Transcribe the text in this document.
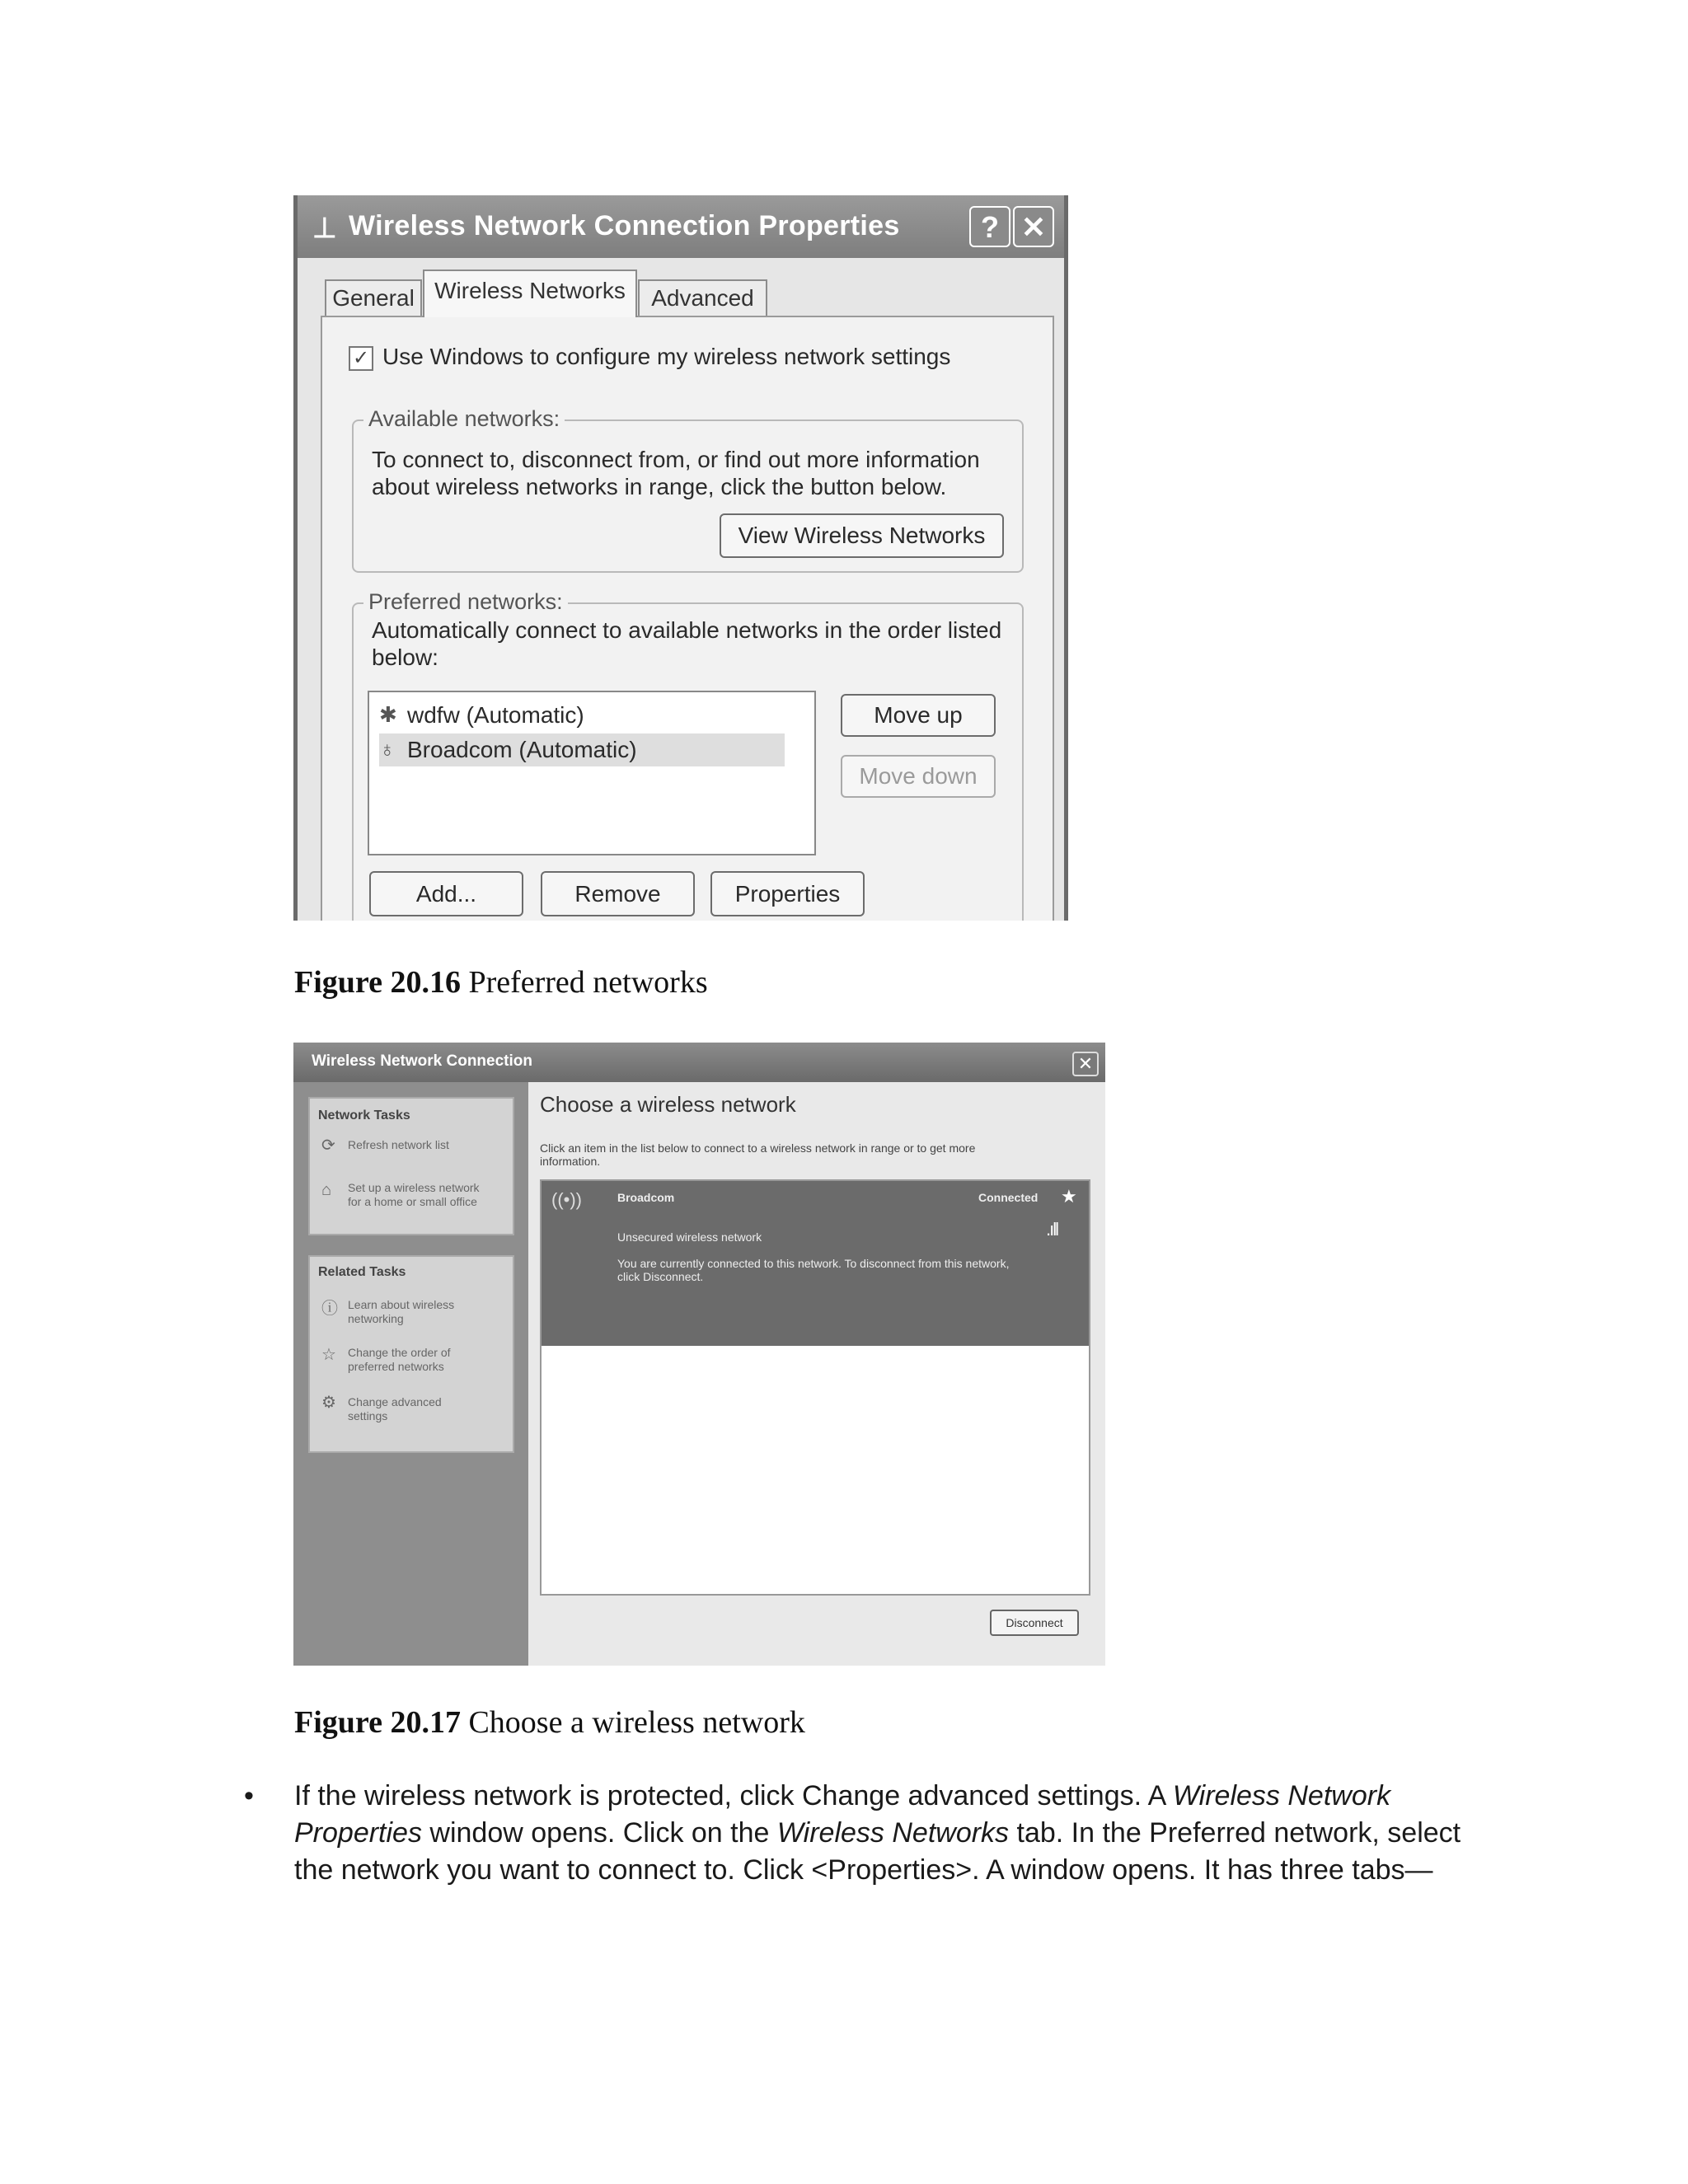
⊥ Wireless Network Connection Properties	? ✕
General Wireless Networks	Advanced
✓ Use Windows to configure my wireless network settings
Available networks:
To connect to, disconnect from, or find out more information
about wireless networks in range, click the button below.
View Wireless Networks
Preferred networks:
Automatically connect to available networks in the order listed
below:
✱ wdfw (Automatic)
♁ Broadcom (Automatic)
Move up
Move down
Add...	Remove	Properties
Figure 20.16 Preferred networks
Wireless Network Connection	✕
Network Tasks
⟳ Refresh network list
⌂ Set up a wireless network
for a home or small office
Related Tasks
ⓘ Learn about wireless
networking
☆ Change the order of
preferred networks
⚙ Change advanced
settings
Choose a wireless network
Click an item in the list below to connect to a wireless network in range or to get more
information.
((•))	Broadcom	Connected ★
Unsecured wireless network	.ıll
You are currently connected to this network. To disconnect from this network,
click Disconnect.
Disconnect
Figure 20.17 Choose a wireless network
• If the wireless network is protected, click Change advanced settings. A Wireless Network
Properties window opens. Click on the Wireless Networks tab. In the Preferred network, select
the network you want to connect to. Click <Properties>. A window opens. It has three tabs—
